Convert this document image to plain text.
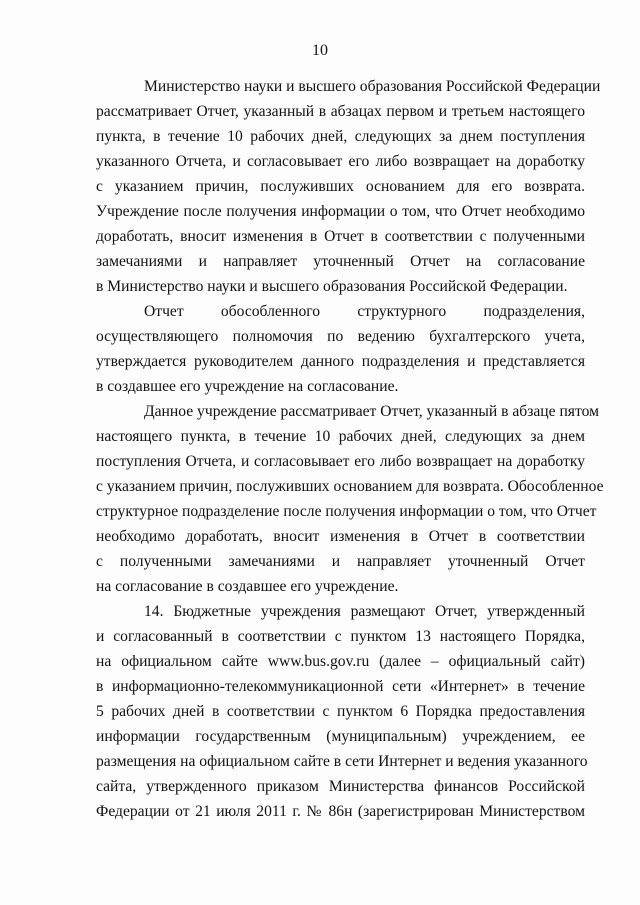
10
Министерство науки и высшего образования Российской Федерации
рассматривает Отчет, указанный в абзацах первом и третьем настоящего
пункта, в течение 10 рабочих дней, следующих за днем поступления
указанного Отчета, и согласовывает его либо возвращает на доработку
с указанием причин, послуживших основанием для его возврата.
Учреждение после получения информации о том, что Отчет необходимо
доработать, вносит изменения в Отчет в соответствии с полученными
замечаниями и направляет уточненный Отчет на согласование
в Министерство науки и высшего образования Российской Федерации.
Отчет обособленного структурного подразделения,
осуществляющего полномочия по ведению бухгалтерского учета,
утверждается руководителем данного подразделения и представляется
в создавшее его учреждение на согласование.
Данное учреждение рассматривает Отчет, указанный в абзаце пятом
настоящего пункта, в течение 10 рабочих дней, следующих за днем
поступления Отчета, и согласовывает его либо возвращает на доработку
с указанием причин, послуживших основанием для возврата. Обособленное
структурное подразделение после получения информации о том, что Отчет
необходимо доработать, вносит изменения в Отчет в соответствии
с полученными замечаниями и направляет уточненный Отчет
на согласование в создавшее его учреждение.
14. Бюджетные учреждения размещают Отчет, утвержденный
и согласованный в соответствии с пунктом 13 настоящего Порядка,
на официальном сайте www.bus.gov.ru (далее – официальный сайт)
в информационно-телекоммуникационной сети «Интернет» в течение
5 рабочих дней в соответствии с пунктом 6 Порядка предоставления
информации государственным (муниципальным) учреждением, ее
размещения на официальном сайте в сети Интернет и ведения указанного
сайта, утвержденного приказом Министерства финансов Российской
Федерации от 21 июля 2011 г. № 86н (зарегистрирован Министерством
